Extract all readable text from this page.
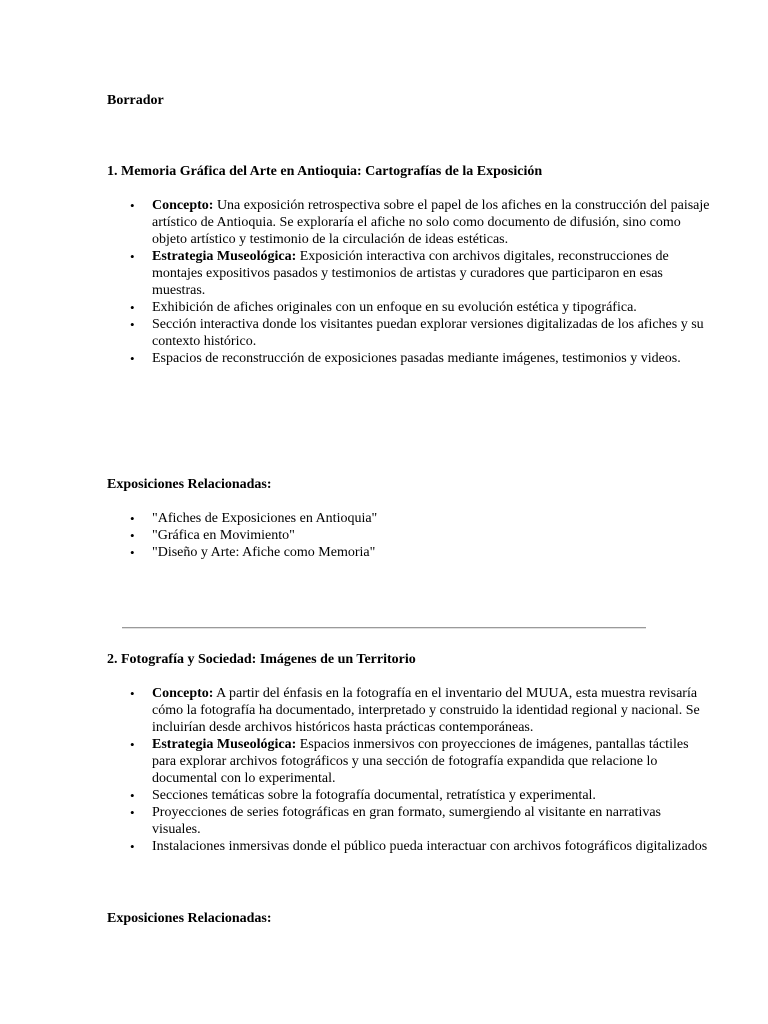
Borrador
1. Memoria Gráfica del Arte en Antioquia: Cartografías de la Exposición
• Concepto: Una exposición retrospectiva sobre el papel de los afiches en la construcción del paisaje artístico de Antioquia. Se exploraría el afiche no solo como documento de difusión, sino como objeto artístico y testimonio de la circulación de ideas estéticas.
• Estrategia Museológica: Exposición interactiva con archivos digitales, reconstrucciones de montajes expositivos pasados y testimonios de artistas y curadores que participaron en esas muestras.
• Exhibición de afiches originales con un enfoque en su evolución estética y tipográfica.
• Sección interactiva donde los visitantes puedan explorar versiones digitalizadas de los afiches y su contexto histórico.
• Espacios de reconstrucción de exposiciones pasadas mediante imágenes, testimonios y videos.
Exposiciones Relacionadas:
• "Afiches de Exposiciones en Antioquia"
• "Gráfica en Movimiento"
• "Diseño y Arte: Afiche como Memoria"
2. Fotografía y Sociedad: Imágenes de un Territorio
• Concepto: A partir del énfasis en la fotografía en el inventario del MUUA, esta muestra revisaría cómo la fotografía ha documentado, interpretado y construido la identidad regional y nacional. Se incluirían desde archivos históricos hasta prácticas contemporáneas.
• Estrategia Museológica: Espacios inmersivos con proyecciones de imágenes, pantallas táctiles para explorar archivos fotográficos y una sección de fotografía expandida que relacione lo documental con lo experimental.
• Secciones temáticas sobre la fotografía documental, retratística y experimental.
• Proyecciones de series fotográficas en gran formato, sumergiendo al visitante en narrativas visuales.
• Instalaciones inmersivas donde el público pueda interactuar con archivos fotográficos digitalizados
Exposiciones Relacionadas:
